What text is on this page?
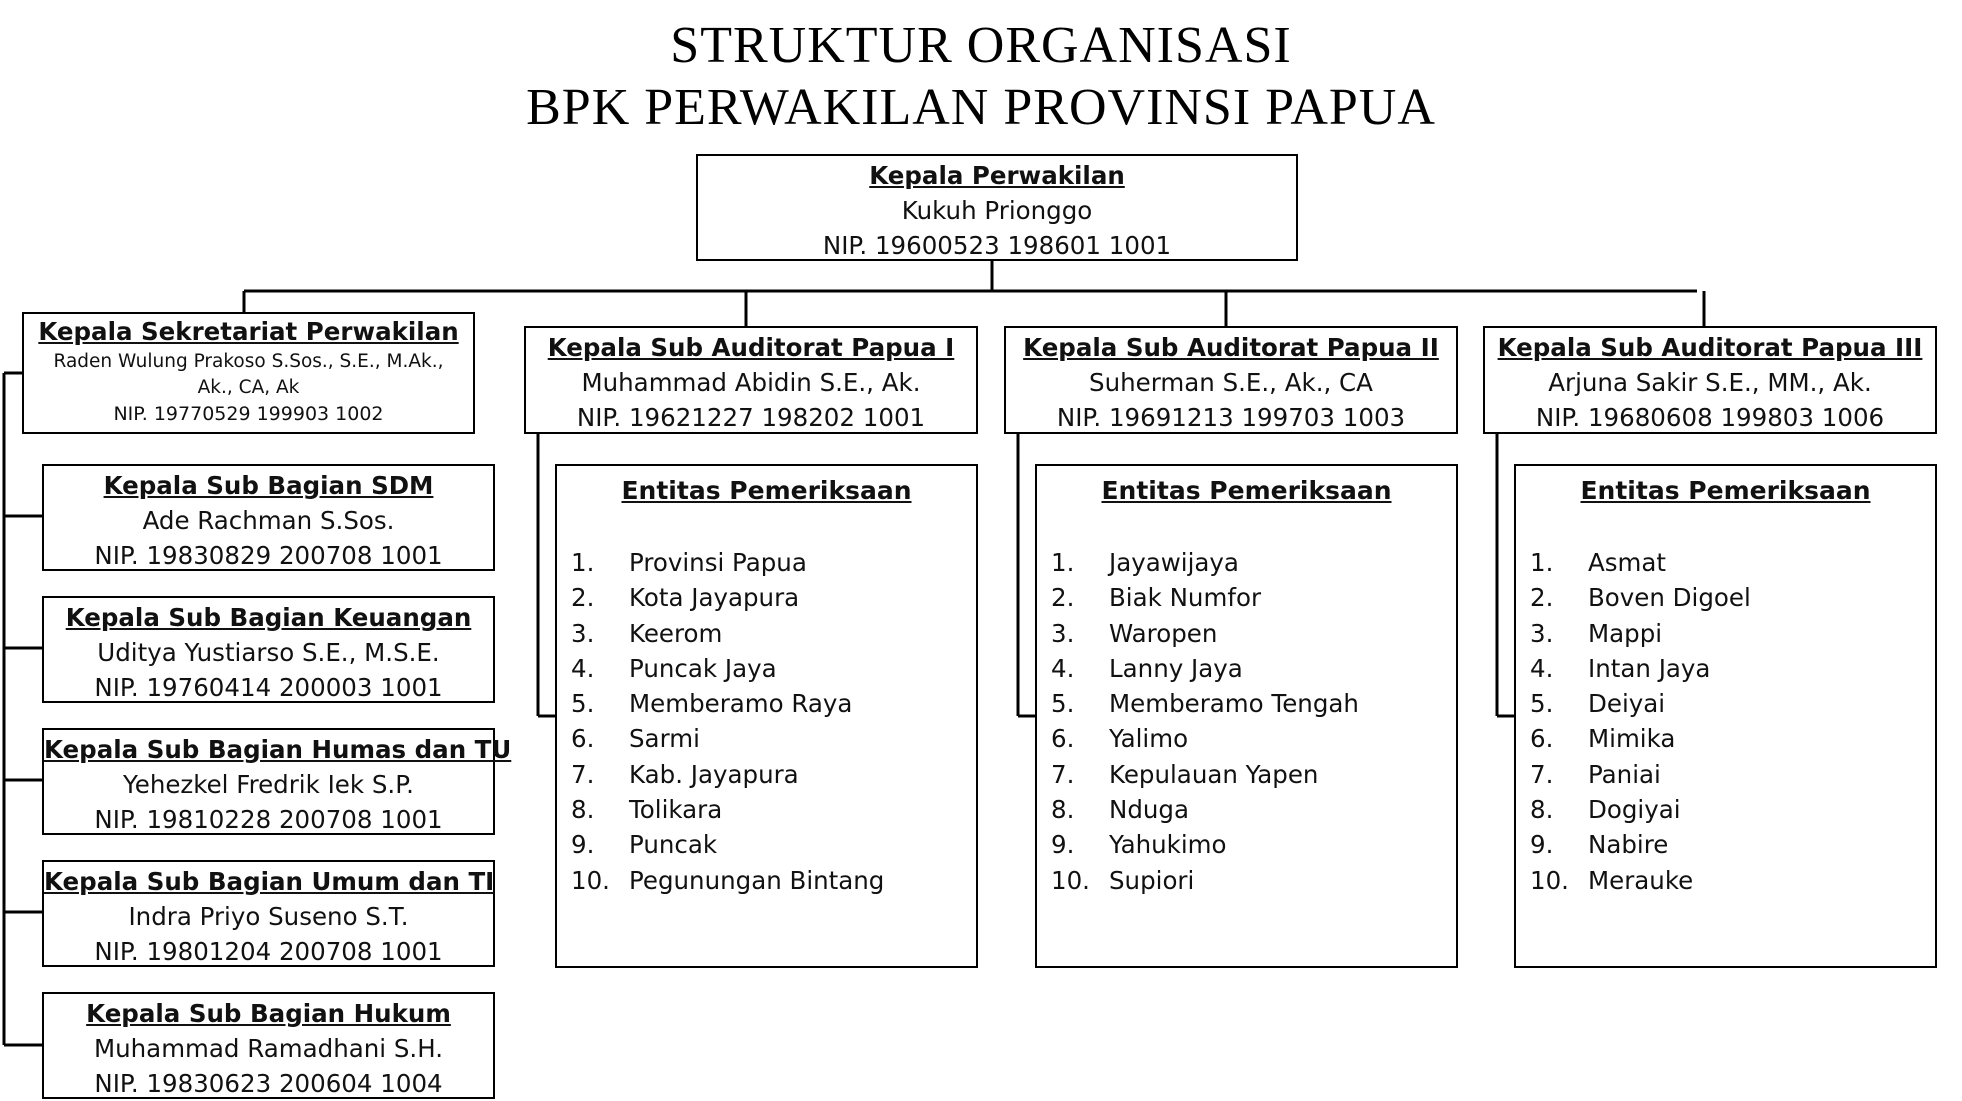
STRUKTUR ORGANISASI
BPK PERWAKILAN PROVINSI PAPUA
Kepala Perwakilan
Kukuh Prionggo
NIP. 19600523 198601 1001
Kepala Sekretariat Perwakilan
Raden Wulung Prakoso S.Sos., S.E., M.Ak.,
Ak., CA, Ak
NIP. 19770529 199903 1002
Kepala Sub Bagian SDM
Ade Rachman S.Sos.
NIP. 19830829 200708 1001
Kepala Sub Bagian Keuangan
Uditya Yustiarso S.E., M.S.E.
NIP. 19760414 200003 1001
Kepala Sub Bagian Humas dan TU
Yehezkel Fredrik Iek S.P.
NIP. 19810228 200708 1001
Kepala Sub Bagian Umum dan TI
Indra Priyo Suseno S.T.
NIP. 19801204 200708 1001
Kepala Sub Bagian Hukum
Muhammad Ramadhani S.H.
NIP. 19830623 200604 1004
Kepala Sub Auditorat Papua I
Muhammad Abidin S.E., Ak.
NIP. 19621227 198202 1001
Kepala Sub Auditorat Papua II
Suherman S.E., Ak., CA
NIP. 19691213 199703 1003
Kepala Sub Auditorat Papua III
Arjuna Sakir S.E., MM., Ak.
NIP. 19680608 199803 1006
Entitas Pemeriksaan
1. Provinsi Papua
2. Kota Jayapura
3. Keerom
4. Puncak Jaya
5. Memberamo Raya
6. Sarmi
7. Kab. Jayapura
8. Tolikara
9. Puncak
10. Pegunungan Bintang
Entitas Pemeriksaan
1. Jayawijaya
2. Biak Numfor
3. Waropen
4. Lanny Jaya
5. Memberamo Tengah
6. Yalimo
7. Kepulauan Yapen
8. Nduga
9. Yahukimo
10. Supiori
Entitas Pemeriksaan
1. Asmat
2. Boven Digoel
3. Mappi
4. Intan Jaya
5. Deiyai
6. Mimika
7. Paniai
8. Dogiyai
9. Nabire
10. Merauke
